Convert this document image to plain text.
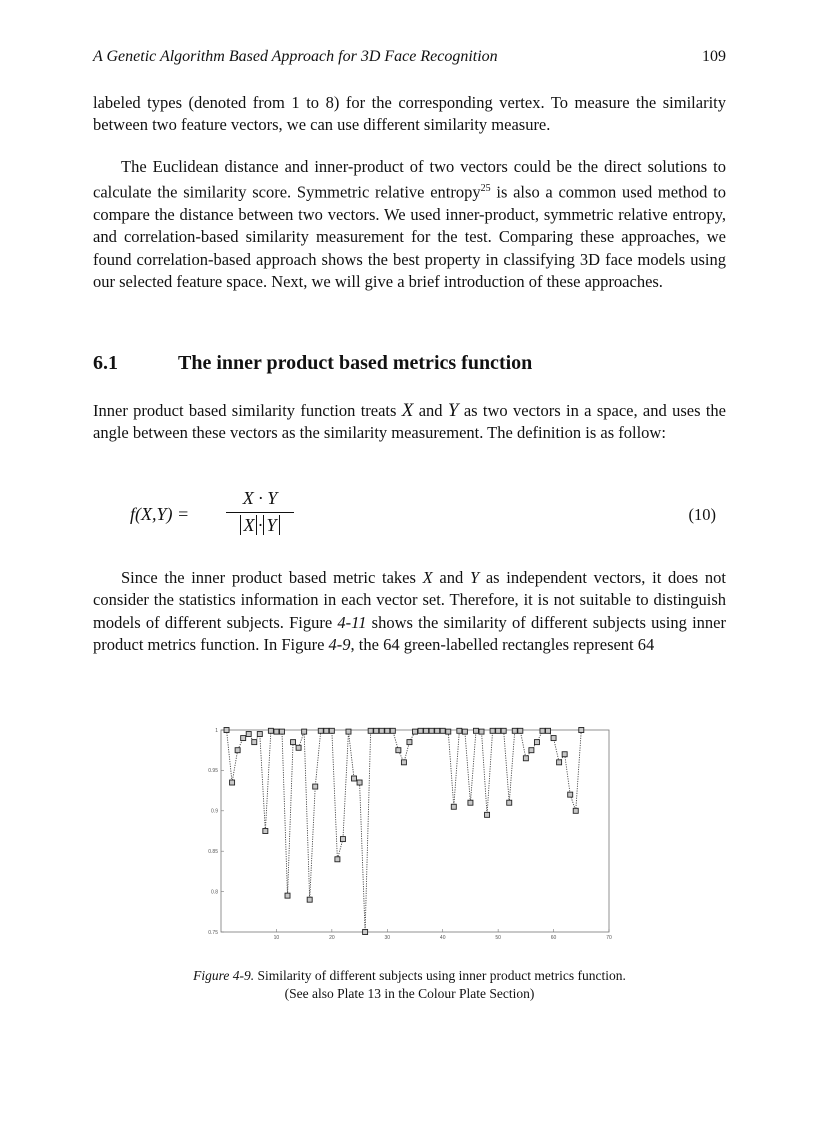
A Genetic Algorithm Based Approach for 3D Face Recognition	109

labeled types (denoted from 1 to 8) for the corresponding vertex. To measure the similarity between two feature vectors, we can use different similarity measure.

The Euclidean distance and inner-product of two vectors could be the direct solutions to calculate the similarity score. Symmetric relative entropy$^{25}$ is also a common used method to compare the distance between two vectors. We used inner-product, symmetric relative entropy, and correlation-based similarity measurement for the test. Comparing these approaches, we found correlation-based approach shows the best property in classifying 3D face models using our selected feature space. Next, we will give a brief introduction of these approaches.

6.1	The inner product based metrics function

Inner product based similarity function treats X and Y as two vectors in a space, and uses the angle between these vectors as the similarity measurement. The definition is as follow:

f(X,Y) =
X · Y
X · Y
(10)

Since the inner product based metric takes X and Y as independent vectors, it does not consider the statistics information in each vector set. Therefore, it is not suitable to distinguish models of different subjects. Figure 4-11 shows the similarity of different subjects using inner product metrics function. In Figure 4-9, the 64 green-labelled rectangles represent 64

0.75
0.8
0.85
0.9
0.95
1
10	20	30	40	50	60	70
Figure 4-9. Similarity of different subjects using inner product metrics function.
(See also Plate 13 in the Colour Plate Section)
